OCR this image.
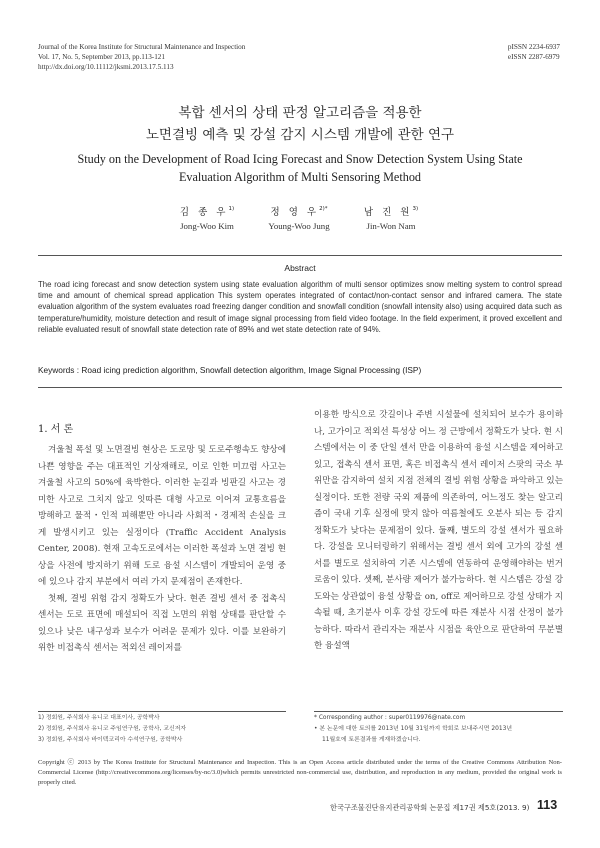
Journal of the Korea Institute for Structural Maintenance and Inspection
Vol. 17, No. 5, September 2013, pp.113-121
http://dx.doi.org/10.11112/jksmi.2013.17.5.113
pISSN 2234-6937
eISSN 2287-6979
복합 센서의 상태 판정 알고리즘을 적용한
노면결빙 예측 및 강설 감지 시스템 개발에 관한 연구
Study on the Development of Road Icing Forecast and Snow Detection System Using State
Evaluation Algorithm of Multi Sensoring Method
김 종 우$^{1)}$
Jong-Woo Kim
정 영 우$^{2)*}$
Young-Woo Jung
남 진 원$^{3)}$
Jin-Won Nam
Abstract
The road icing forecast and snow detection system using state evaluation algorithm of multi sensor optimizes snow melting system to control spread time and amount of chemical spread application This system operates integrated of contact/non-contact sensor and infrared camera. The state evaluation algorithm of the system evaluates road freezing danger condition and snowfall condition (snowfall intensity also) using acquired data such as temperature/humidity, moisture detection and result of image signal processing from field video footage. In the field experiment, it proved excellent and reliable evaluated result of snowfall state detection rate of 89% and wet state detection rate of 94%.
Keywords : Road icing prediction algorithm, Snowfall detection algorithm, Image Signal Processing (ISP)
1. 서 론

겨울철 폭설 및 노면결빙 현상은 도로망 및 도로주행속도 향상에 나쁜 영향을 주는 대표적인 기상재해로, 이로 인한 미끄럼 사고는 겨울철 사고의 50%에 육박한다. 이러한 눈길과 빙판길 사고는 경미한 사고로 그치지 않고 잇따른 대형 사고로 이어져 교통흐름을 방해하고 물적・인적 피해뿐만 아니라 사회적・경제적 손실을 크게 발생시키고 있는 실정이다 (Traffic Accident Analysis Center, 2008). 현재 고속도로에서는 이러한 폭설과 노면 결빙 현상을 사전에 방지하기 위해 도로 융설 시스템이 개발되어 운영 중에 있으나 감지 부분에서 여러 가지 문제점이 존재한다.

첫째, 결빙 위험 감지 정확도가 낮다. 현존 결빙 센서 중 접촉식 센서는 도로 표면에 매설되어 직접 노면의 위험 상태를 판단할 수 있으나 낮은 내구성과 보수가 어려운 문제가 있다. 이를 보완하기 위한 비접촉식 센서는 적외선 레이저를

이용한 방식으로 갓길이나 주변 시설물에 설치되어 보수가 용이하나, 고가이고 적외선 특성상 어느 정 근방에서 정확도가 낮다. 현 시스템에서는 이 중 단일 센서 만을 이용하여 융설 시스템을 제어하고 있고, 접촉식 센서 표면, 혹은 비접촉식 센서 레이저 스팟의 국소 부위만을 감지하여 설치 지점 전체의 결빙 위험 상황을 파악하고 있는 실정이다. 또한 전량 국외 제품에 의존하여, 어느정도 찾는 알고리즘이 국내 기후 실정에 맞지 않아 여름철에도 오분사 되는 등 감지 정확도가 낮다는 문제점이 있다. 둘째, 별도의 강설 센서가 필요하다. 강설을 모니터링하기 위해서는 결빙 센서 외에 고가의 강설 센서를 별도로 설치하여 기존 시스템에 연동하여 운영해야하는 번거로움이 있다. 셋째, 분사량 제어가 불가능하다. 현 시스템은 강설 강도와는 상관없이 융설 상황을 on, off로 제어하므로 강설 상태가 지속될 때, 초기분사 이후 강설 강도에 따른 재분사 시점 산정이 불가능하다. 따라서 관리자는 재분사 시점을 육안으로 판단하여 무분별한 융설액

1) 정회원, 주식회사 유니코 대표이사, 공학박사
2) 정회원, 주식회사 유니코 주임연구원, 공학사, 교신저자
3) 정회원, 주식회사 바이텍코리아 수석연구원, 공학박사
* Corresponding author : super0119976@nate.com
• 본 논문에 대한 토의를 2013년 10월 31일까지 학회로 보내주시면 2013년
11월호에 토론결과를 게재하겠습니다.
Copyright ⓒ 2013 by The Korea Institute for Structural Maintenance and Inspection. This is an Open Access article distributed under the terms of the Creative Commons Attribution Non-Commercial License (http://creativecommons.org/licenses/by-nc/3.0)which permits unrestricted non-commercial use, distribution, and reproduction in any medium, provided the original work is properly cited.
한국구조물진단유지관리공학회 논문집 제17권 제5호(2013. 9) 113
